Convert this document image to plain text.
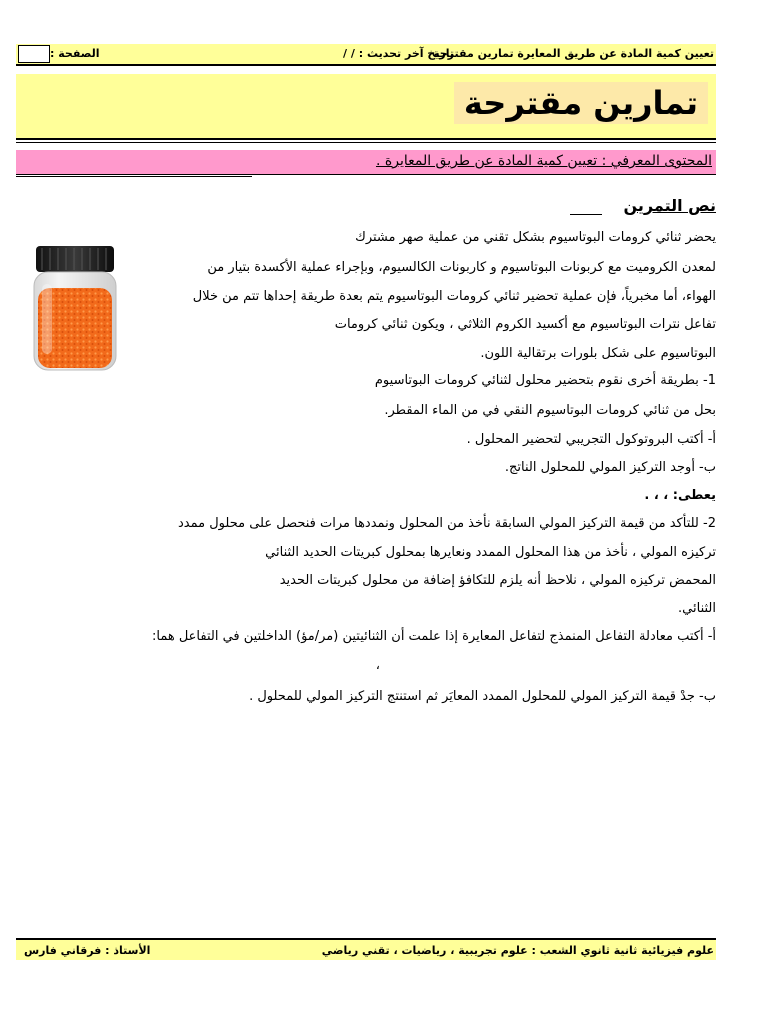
تعيين كمية المادة عن طريق المعايرة تمارين مقترحة
تاريخ آخر تحديث : / /
الصفحة :
تمارين مقترحة
المحتوى المعرفي : تعيين كمية المادة عن طريق المعايرة .
نص التمرين
يحضر ثنائي كرومات البوتاسيوم بشكل تقني من عملية صهر مشترك
لمعدن الكروميت مع كربونات البوتاسيوم و كاربونات الكالسيوم، وبإجراء عملية الأكسدة بتيار من
الهواء، أما مخبرياً، فإن عملية تحضير ثنائي كرومات البوتاسيوم يتم بعدة طريقة إحداها تتم من خلال
تفاعل نترات البوتاسيوم مع أكسيد الكروم الثلاثي ، ويكون ثنائي كرومات
البوتاسيوم على شكل بلورات برتقالية اللون.
1- بطريقة أخرى نقوم بتحضير محلول لثنائي كرومات البوتاسيوم
بحل من ثنائي كرومات البوتاسيوم النقي في من الماء المقطر.
أ- أكتب البروتوكول التجريبي لتحضير المحلول .
ب- أوجد التركيز المولي للمحلول الناتج.
يعطى: ، ، .
2- للتأكد من قيمة التركيز المولي السابقة نأخذ من المحلول ونمددها مرات فنحصل على محلول ممدد
تركيزه المولي ، نأخذ من هذا المحلول الممدد ونعايرها بمحلول كبريتات الحديد الثنائي
المحمض تركيزه المولي ، نلاحظ أنه يلزم للتكافؤ إضافة من محلول كبريتات الحديد
الثنائي.
أ- أكتب معادلة التفاعل المنمذج لتفاعل المعايرة إذا علمت أن الثنائيتين (مر/مؤ) الداخلتين في التفاعل هما:
،
ب- جدْ قيمة التركيز المولي للمحلول الممدد المعايَر ثم استنتج التركيز المولي للمحلول .
علوم فيزيائية ثانية ثانوي الشعب : علوم تجريبية ، رياضيات ، تقني رياضي
الأستاذ : فرقاني فارس
